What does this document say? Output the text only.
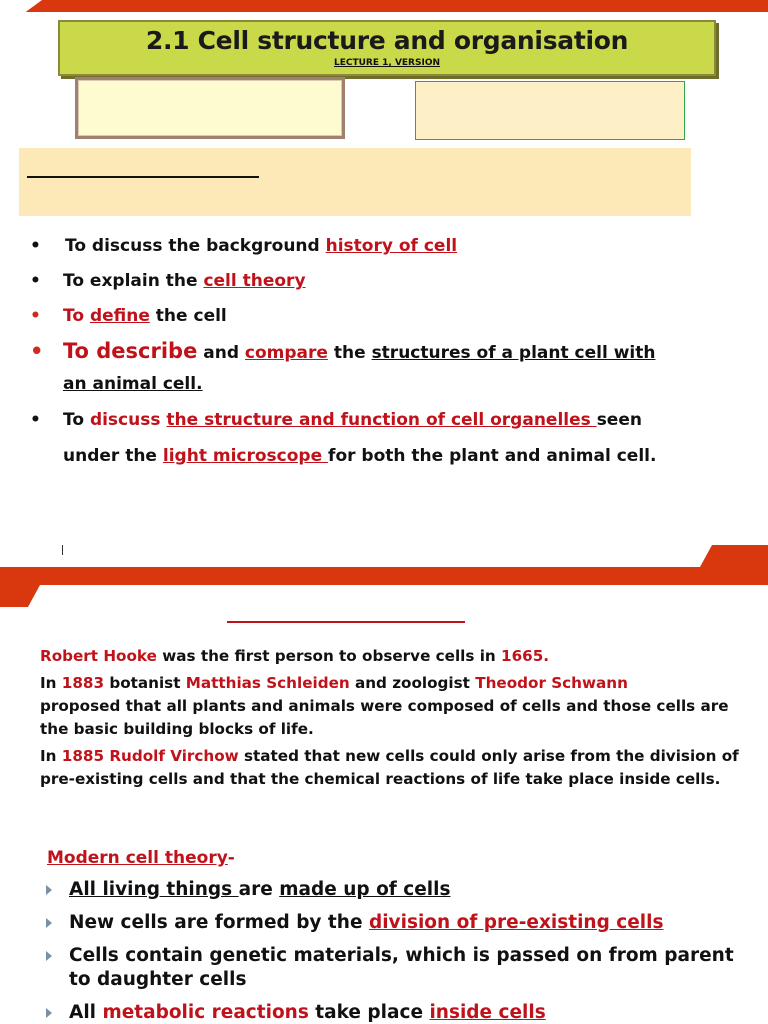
2.1 Cell structure and organisation
LECTURE 1, VERSION
• To discuss the background history of cell
• To explain the cell theory
• To define the cell
• To describe and compare the structures of a plant cell with
an animal cell.
• To discuss the structure and function of cell organelles seen
under the light microscope for both the plant and animal cell.

Robert Hooke was the first person to observe cells in 1665.

In 1883 botanist Matthias Schleiden and zoologist Theodor Schwann
proposed that all plants and animals were composed of cells and those cells are the basic building blocks of life.

In 1885 Rudolf Virchow stated that new cells could only arise from the division of pre-existing cells and that the chemical reactions of life take place inside cells.

Modern cell theory-
All living things are made up of cells
New cells are formed by the division of pre-existing cells
Cells contain genetic materials, which is passed on from parent to daughter cells
All metabolic reactions take place inside cells
